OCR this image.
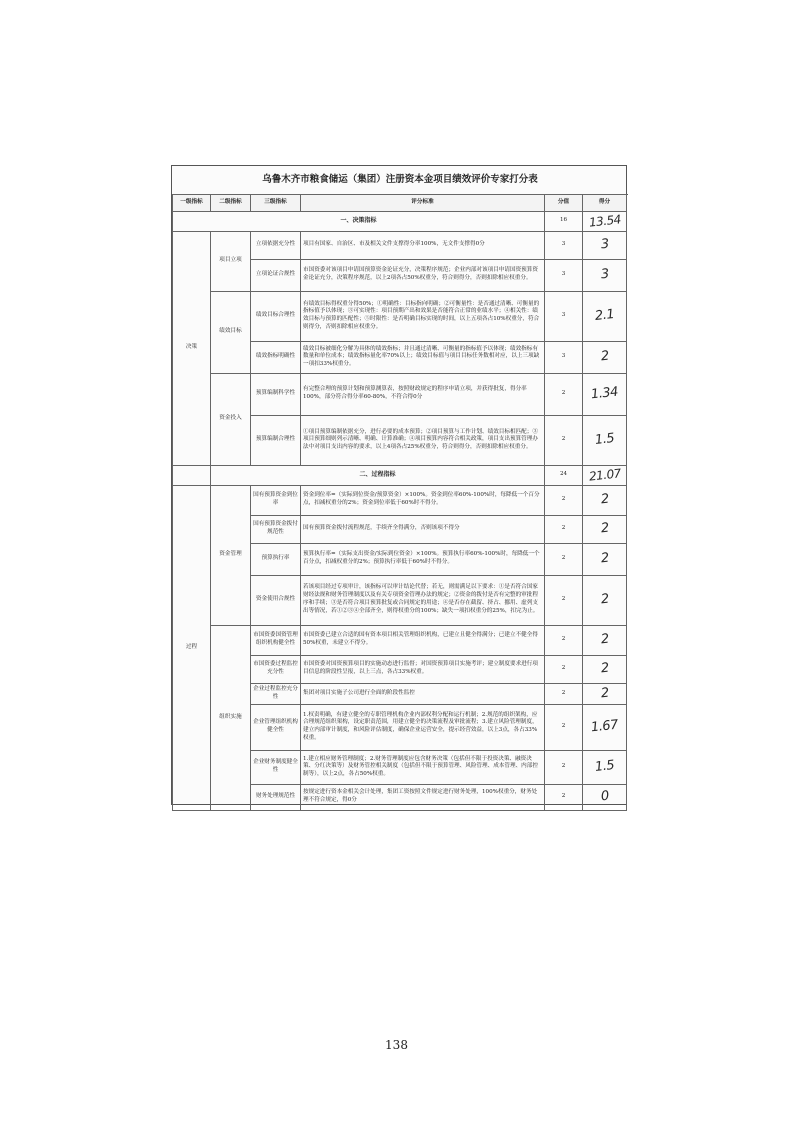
乌鲁木齐市粮食储运（集团）注册资本金项目绩效评价专家打分表
一级指标	二级指标	三级指标	评分标准	分值	得分
一、决策指标				16	13.54
决策	项目立项	立项依据充分性	项目有国家、自治区、市及相关文件支撑得分率100%，无文件支撑得0分	3	3
		立项论证合规性	市国资委对该项目申请国预算资金论证充分，决策程序规范；企业内部对该项目申请国资预算资金论证充分，决策程序规范，以上2项各占50%权重分，符合则得分，否则扣除相应权重分。	3	3
	绩效目标	绩效目标合理性	有绩效目标得权重分得50%；①明确性：目标指向明确；②可衡量性：是否通过清晰、可衡量的指标值予以体现；③可实现性：项目预期产出和效果是否能符合正常的业绩水平；④相关性：绩效目标与预算的匹配性；⑤时限性：是否明确目标实现的时间，以上五项各占10%权重分，符合则得分，否则扣除相应权重分。	3	2.1
		绩效指标明确性	绩效目标被细化分解为具体的绩效指标；并且通过清晰、可衡量的指标值予以体现；绩效指标有数量和单位成本；绩效指标量化率70%以上；绩效目标值与项目目标任务数相对应，以上三项缺一项扣33%权重分。	3	2
	资金投入	预算编制科学性	有完整合理的预算计划和预算测算表，按照财政规定的程序申请立项，并获得批复，得分率100%，部分符合得分率60-80%，不符合得0分	2	1.34
		预算编制合理性	①项目预算编制依据充分，进行必要的成本预算；②项目预算与工作计划、绩效目标相匹配；③项目预算细则列示清晰、明确、计算准确；④项目预算内容符合相关政策，项目支出预算管理办法中对项目支出内容的要求，以上4项各占25%权重分，符合则得分，否则扣除相应权重分。	2	1.5
	二、过程指标			24	21.07
过程	资金管理	国有预算资金到位率	资金到位率=（实际到位资金/预算资金）×100%。资金到位率60%-100%时，每降低一个百分点，扣减权重分的2%；资金到位率低于60%时不得分。	2	2
		国有预算资金拨付规范性	国有预算资金拨付流程规范，手续齐全得满分，否则该项不得分	2	2
		预算执行率	预算执行率=（实际支出资金/实际到位资金）×100%。预算执行率60%-100%时，每降低一个百分点，扣减权重分的2%；预算执行率低于60%时不得分。	2	2
		资金使用合规性	若该项目经过专项审计，该指标可以审计结论代替；若无，则需满足以下要求：①是否符合国家财经法规和财务管理制度以及有关专项资金管理办法的规定；②资金的拨付是否有完整的审批程序和手续；③是否符合项目预算批复或合同规定的用途；④是否存在截留、挤占、挪用、虚列支出等情况，若①②③④全部齐全，则得权重分的100%；缺失一项扣权重分的25%，扣完为止。	2	2
	组织实施	市国资委国资管理组织机构健全性	市国资委已建立合适的国有资本项目相关管理组织机构，已建立且健全得满分；已建立不健全得50%权重，未建立不得分。	2	2
		市国资委过程监控充分性	市国资委对国资预算项目的实施动态进行监督；对国资预算项目实施考评；建立制度要求进行项目信息的阶段性呈报，以上三点，各占33%权重。	2	2
		企业过程监控充分性	集团对项目实施子公司进行全面的阶段性监控	2	2
		企业管理组织机构健全性	1.权责明确，有建立健全的专职管理机构企业内部权利分配和运行机制；2.规范的组织架构，应合理规范组织架构，设定职责范围，用建立健全的决策流程及审批流程；3.建立风险管理制度，建立内部审计制度，和风险评估制度，确保企业运营安全，提示经营效益，以上3点，各占33%权重。	2	1.67
		企业财务制度健全性	1.建立相应财务管理制度；2.财务管理制度应包含财务决策（包括但不限于投资决策、融资决策、分红决策等）及财务管控相关制度（包括但不限于预算管理、风险管理、成本管理、内部控制等），以上2点，各占50%权重。	2	1.5
		财务处理规范性	按规定进行资本金相关会计处理，集团工资按照文件规定进行财务处理，100%权重分，财务处理不符合规定，得0分	2	0
138
